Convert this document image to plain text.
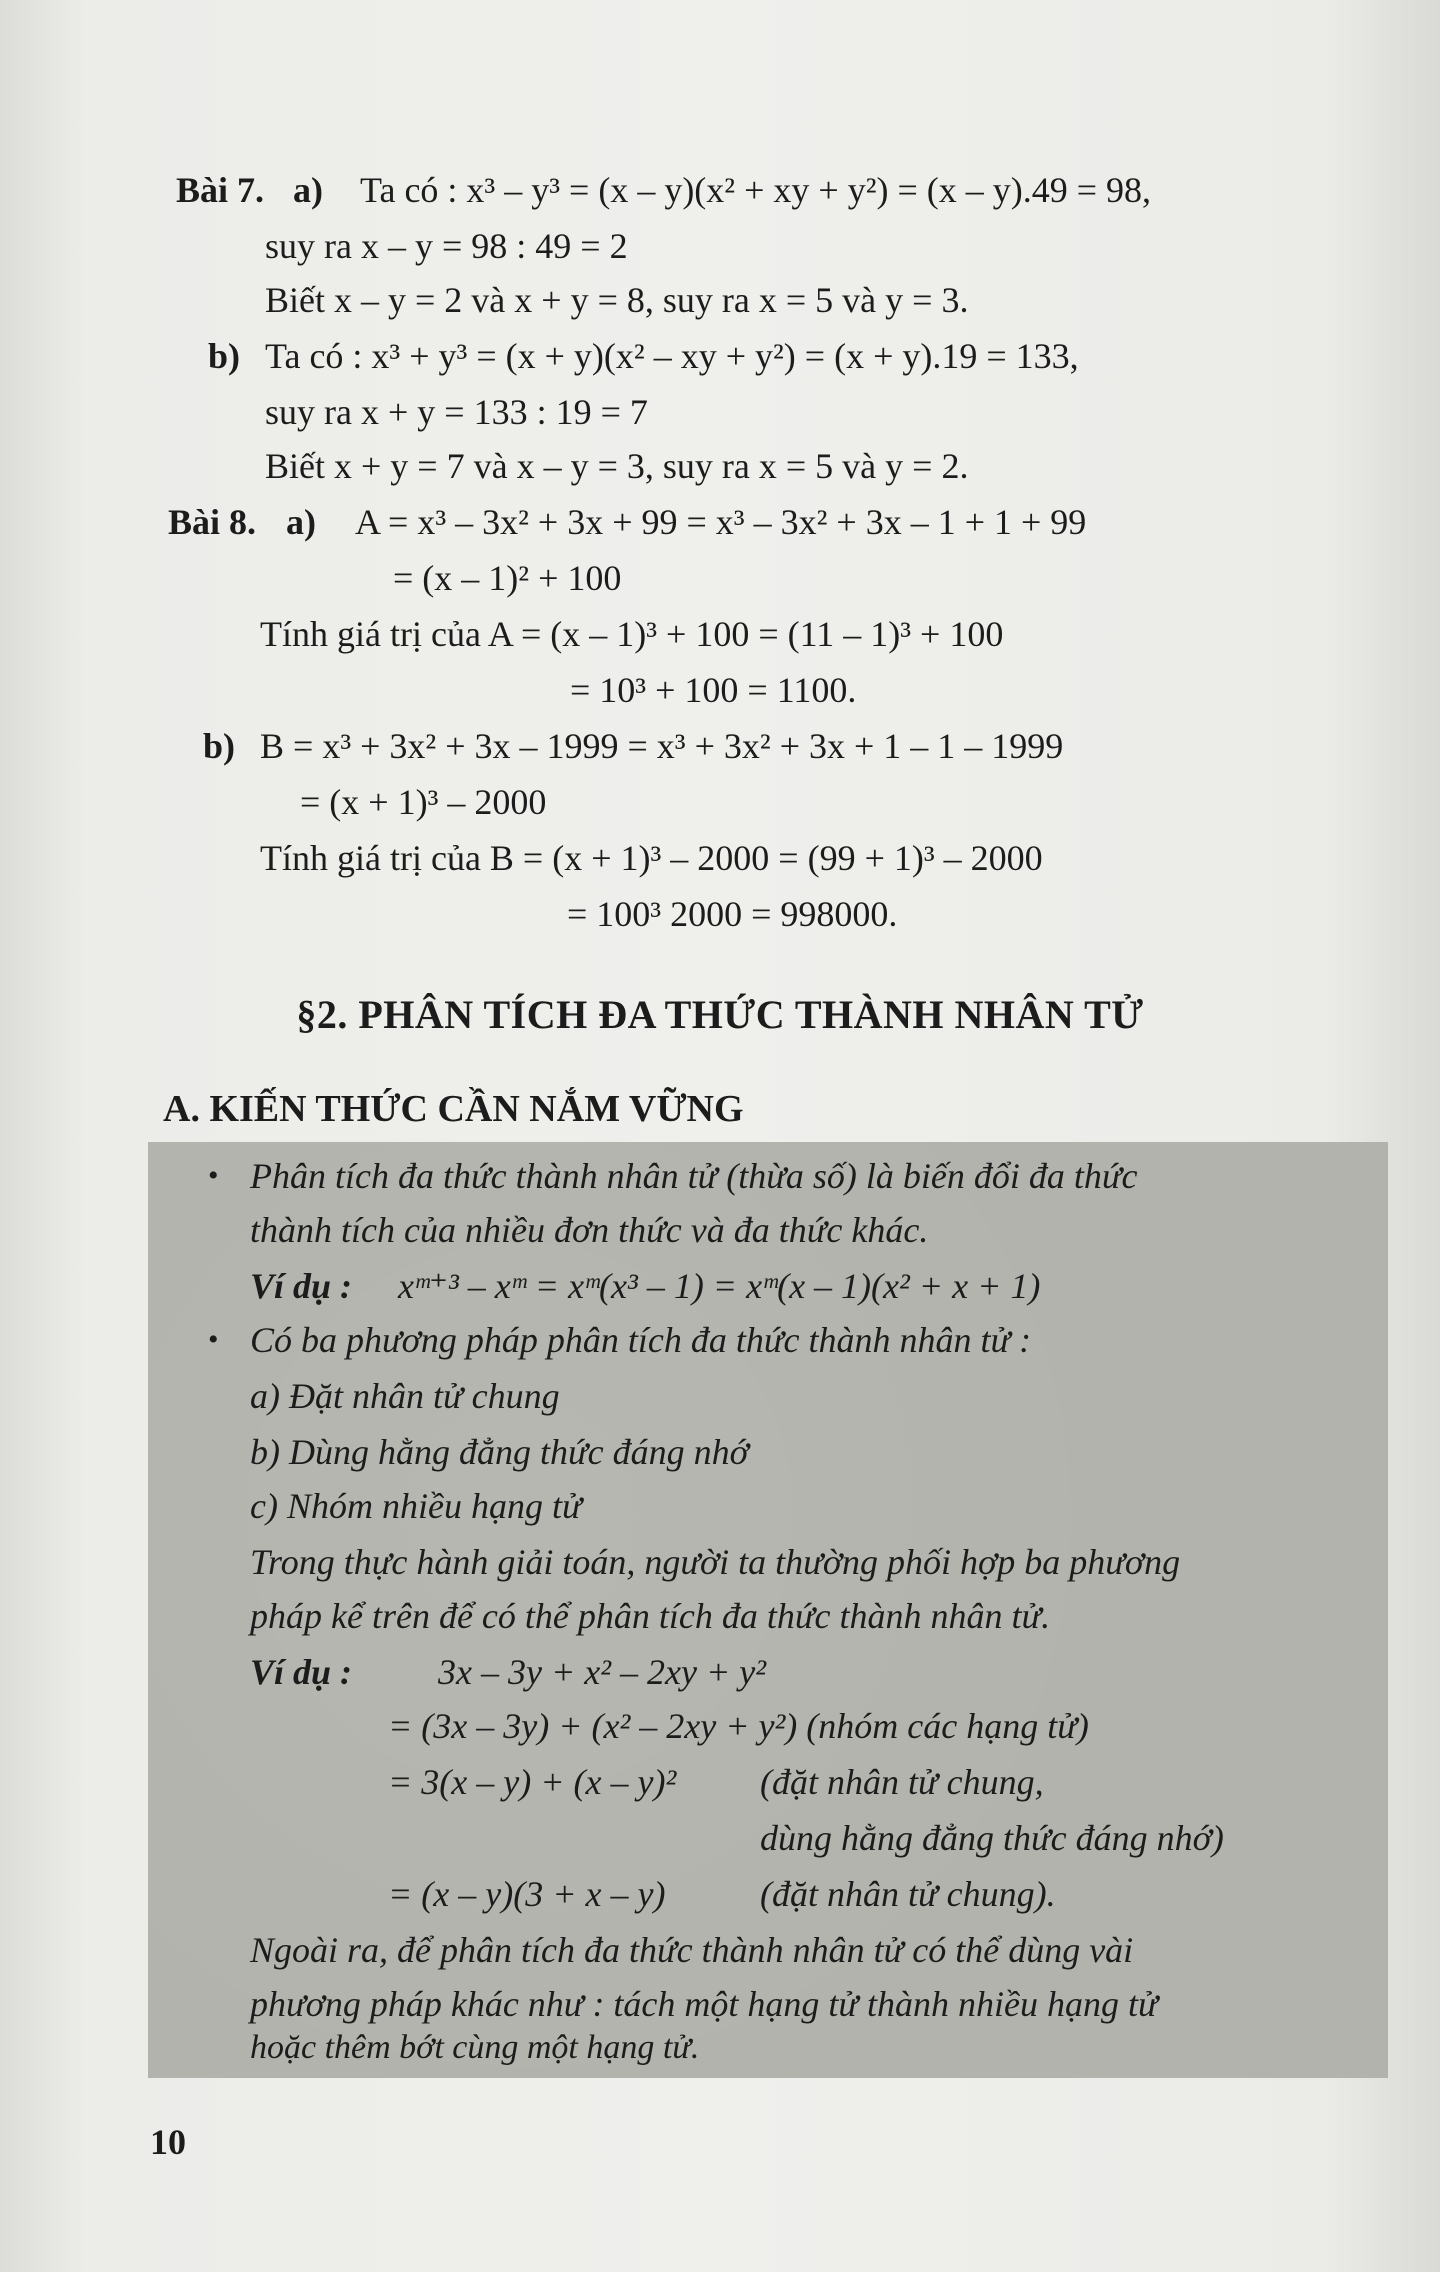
Bài 7. a) Ta có : x³ – y³ = (x – y)(x² + xy + y²) = (x – y).49 = 98,
suy ra x – y = 98 : 49 = 2
Biết x – y = 2 và x + y = 8, suy ra x = 5 và y = 3.
b) Ta có : x³ + y³ = (x + y)(x² – xy + y²) = (x + y).19 = 133,
suy ra x + y = 133 : 19 = 7
Biết x + y = 7 và x – y = 3, suy ra x = 5 và y = 2.
Bài 8. a) A = x³ – 3x² + 3x + 99 = x³ – 3x² + 3x – 1 + 1 + 99
= (x – 1)² + 100
Tính giá trị của A = (x – 1)³ + 100 = (11 – 1)³ + 100
= 10³ + 100 = 1100.
b) B = x³ + 3x² + 3x – 1999 = x³ + 3x² + 3x + 1 – 1 – 1999
= (x + 1)³ – 2000
Tính giá trị của B = (x + 1)³ – 2000 = (99 + 1)³ – 2000
= 100³ 2000 = 998000.
§2. PHÂN TÍCH ĐA THỨC THÀNH NHÂN TỬ
A. KIẾN THỨC CẦN NẮM VỮNG
• Phân tích đa thức thành nhân tử (thừa số) là biến đổi đa thức
thành tích của nhiều đơn thức và đa thức khác.
Ví dụ : xᵐ⁺³ – xᵐ = xᵐ(x³ – 1) = xᵐ(x – 1)(x² + x + 1)
• Có ba phương pháp phân tích đa thức thành nhân tử :
a) Đặt nhân tử chung
b) Dùng hằng đẳng thức đáng nhớ
c) Nhóm nhiều hạng tử
Trong thực hành giải toán, người ta thường phối hợp ba phương
pháp kể trên để có thể phân tích đa thức thành nhân tử.
Ví dụ : 3x – 3y + x² – 2xy + y²
= (3x – 3y) + (x² – 2xy + y²) (nhóm các hạng tử)
= 3(x – y) + (x – y)² (đặt nhân tử chung,
dùng hằng đẳng thức đáng nhớ)
= (x – y)(3 + x – y)	(đặt nhân tử chung).
Ngoài ra, để phân tích đa thức thành nhân tử có thể dùng vài
phương pháp khác như : tách một hạng tử thành nhiều hạng tử
hoặc thêm bớt cùng một hạng tử.
10
